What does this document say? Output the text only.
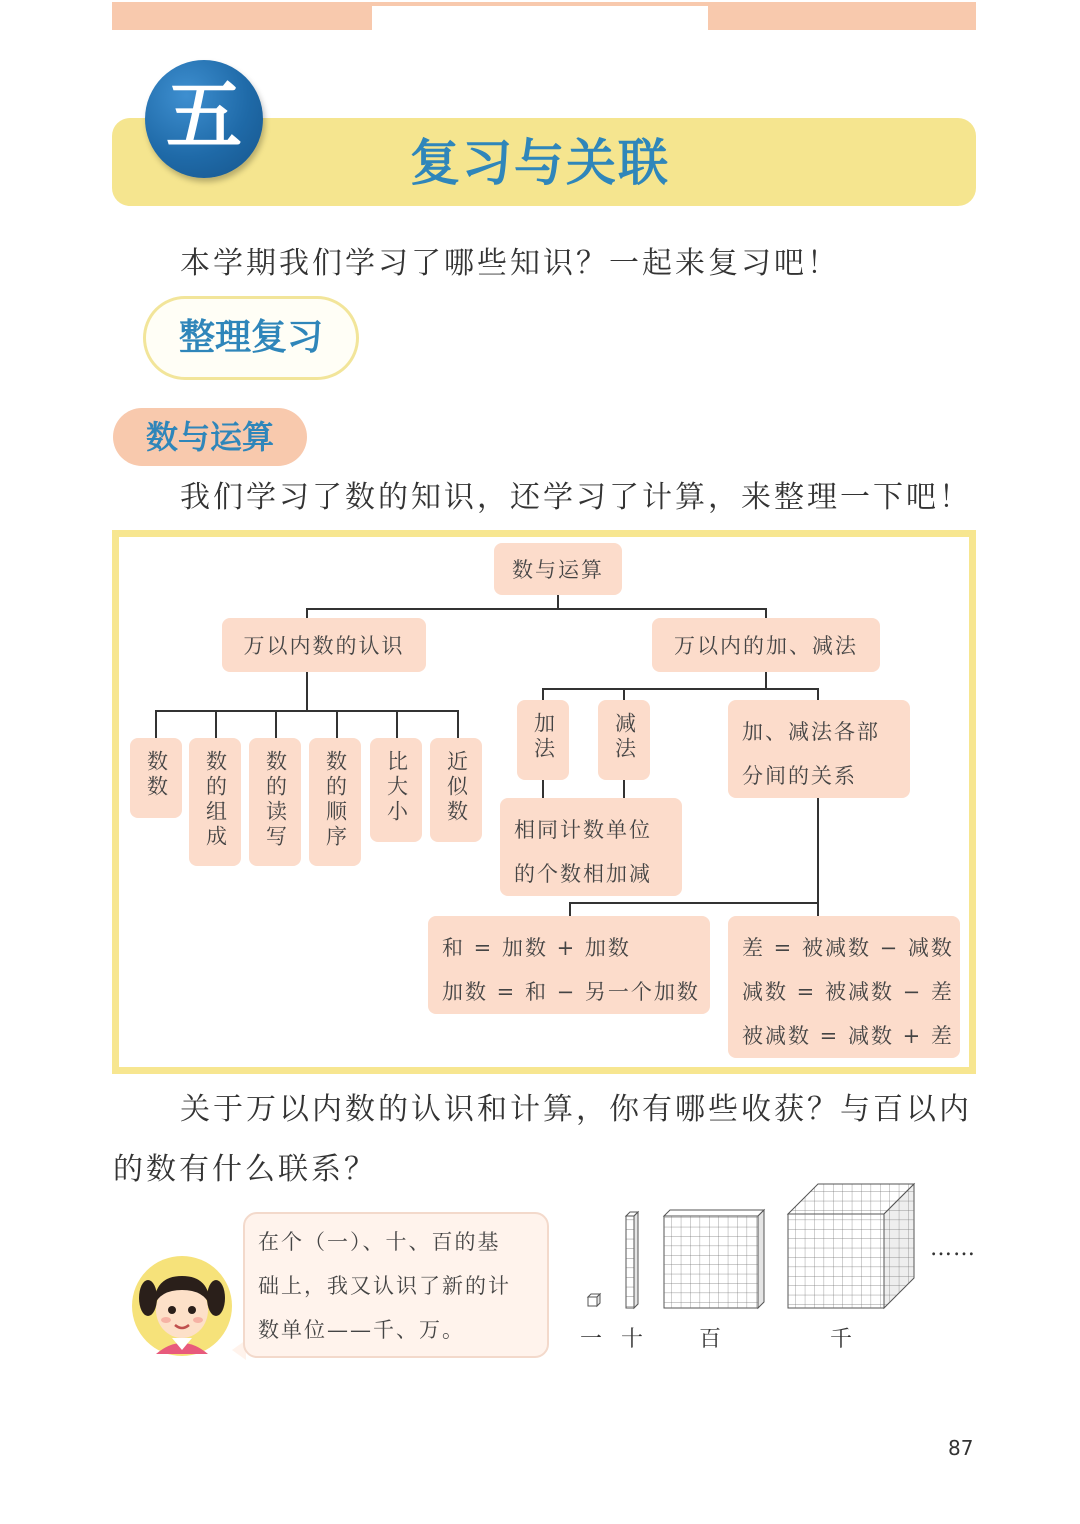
复习与关联
五
本学期我们学习了哪些知识？一起来复习吧！
整理复习
数与运算
我们学习了数的知识，还学习了计算，来整理一下吧！
数与运算
万以内数的认识	万以内的加、减法
数数	数的组成	数的读写	数的顺序	比大小	近似数
加法	减法
相同计数单位
的个数相加减
加、减法各部
分间的关系
和 = 加数 + 加数
加数 = 和 − 另一个加数
差 = 被减数 − 减数
减数 = 被减数 − 差
被减数 = 减数 + 差
关于万以内数的认识和计算，你有哪些收获？与百以内
的数有什么联系？
在个（一）、十、百的基
础上，我又认识了新的计
数单位——千、万。
……
一 十	百	千
87
